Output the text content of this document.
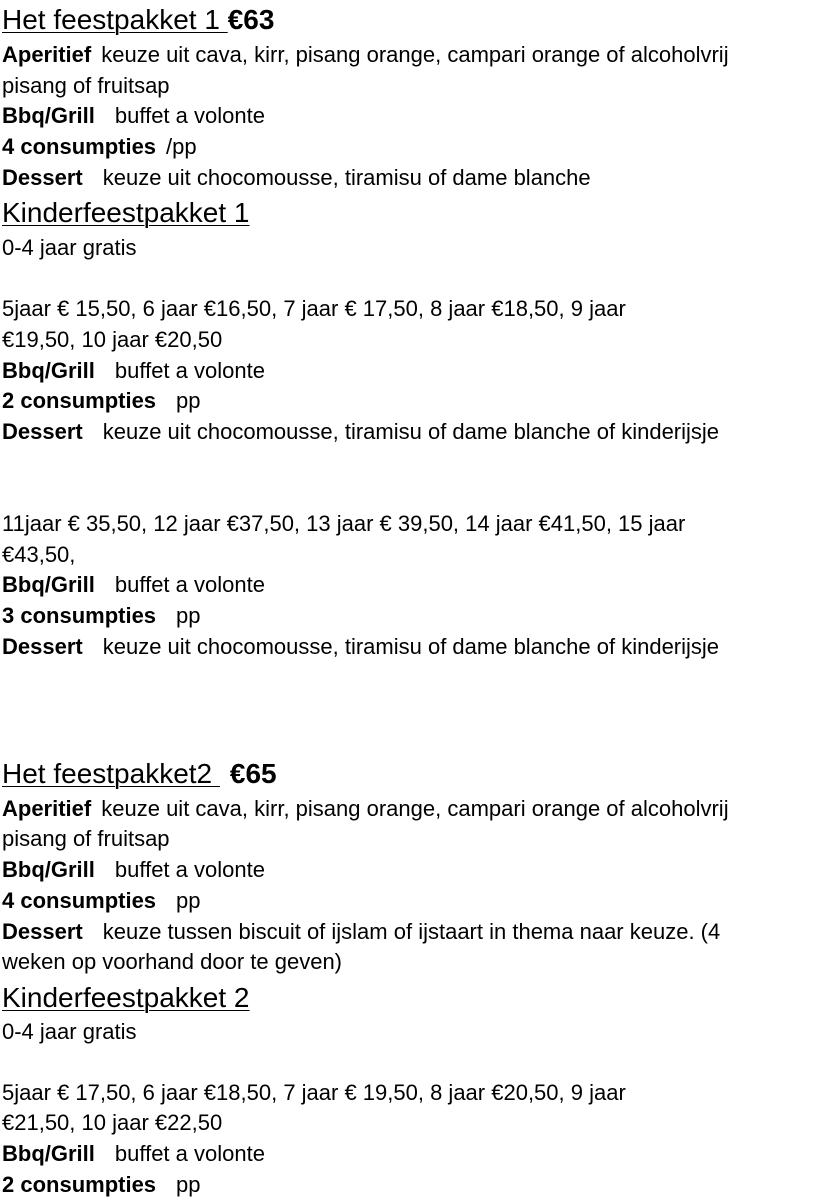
Het feestpakket 1 €63
Aperitief keuze uit cava, kirr, pisang orange, campari orange of alcoholvrij
pisang of fruitsap
Bbq/Grill buffet a volonte
4 consumpties /pp
Dessert keuze uit chocomousse, tiramisu of dame blanche
Kinderfeestpakket 1
0-4 jaar gratis
5jaar € 15,50, 6 jaar €16,50, 7 jaar € 17,50, 8 jaar €18,50, 9 jaar
€19,50, 10 jaar €20,50
Bbq/Grill buffet a volonte
2 consumpties pp
Dessert keuze uit chocomousse, tiramisu of dame blanche of kinderijsje
11jaar € 35,50, 12 jaar €37,50, 13 jaar € 39,50, 14 jaar €41,50, 15 jaar
€43,50,
Bbq/Grill buffet a volonte
3 consumpties pp
Dessert keuze uit chocomousse, tiramisu of dame blanche of kinderijsje
Het feestpakket2 €65
Aperitief keuze uit cava, kirr, pisang orange, campari orange of alcoholvrij
pisang of fruitsap
Bbq/Grill buffet a volonte
4 consumpties pp
Dessert keuze tussen biscuit of ijslam of ijstaart in thema naar keuze. (4
weken op voorhand door te geven)
Kinderfeestpakket 2
0-4 jaar gratis
5jaar € 17,50, 6 jaar €18,50, 7 jaar € 19,50, 8 jaar €20,50, 9 jaar
€21,50, 10 jaar €22,50
Bbq/Grill buffet a volonte
2 consumpties pp
